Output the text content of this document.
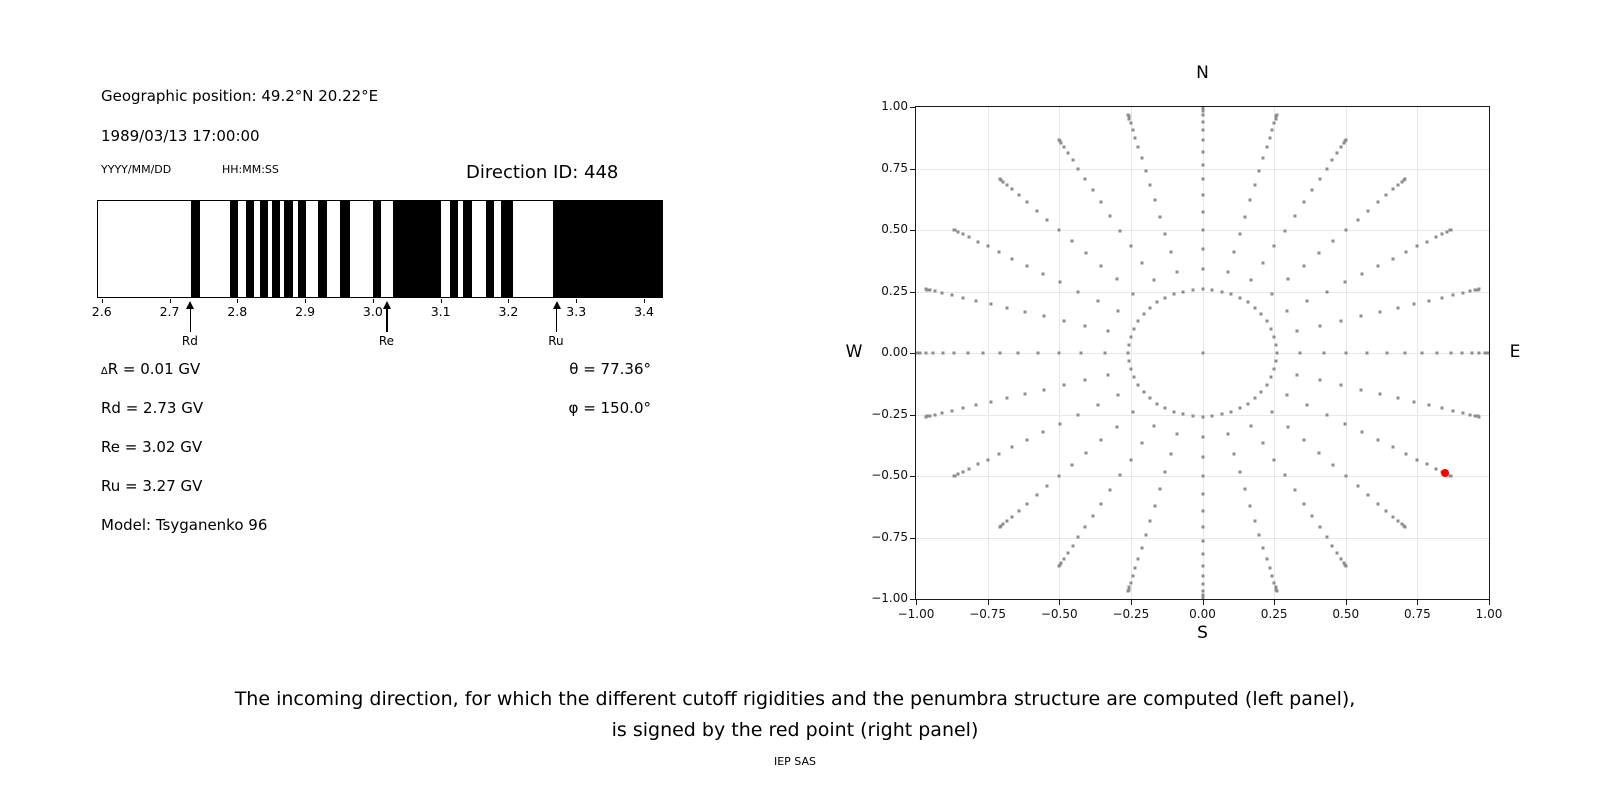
Geographic position: 49.2°N 20.22°E
1989/03/13 17:00:00
YYYY/MM/DD	HH:MM:SS	Direction ID: 448
2.6	2.7	2.8	2.9	3.0	3.1	3.2	3.3	3.4
Rd	Re	Ru
∆R = 0.01 GV
Rd = 2.73 GV
Re = 3.02 GV
Ru = 3.27 GV
Model: Tsyganenko 96
θ = 77.36°
φ = 150.0°
N
S
W	E
−1.00
1.00
−0.75
0.75
−0.50
0.50
−0.25
0.25
0.00
0.00
0.25
−0.25
0.50
−0.50
0.75
−0.75
1.00
−1.00
The incoming direction, for which the different cutoff rigidities and the penumbra structure are computed (left panel),
is signed by the red point (right panel)
IEP SAS
